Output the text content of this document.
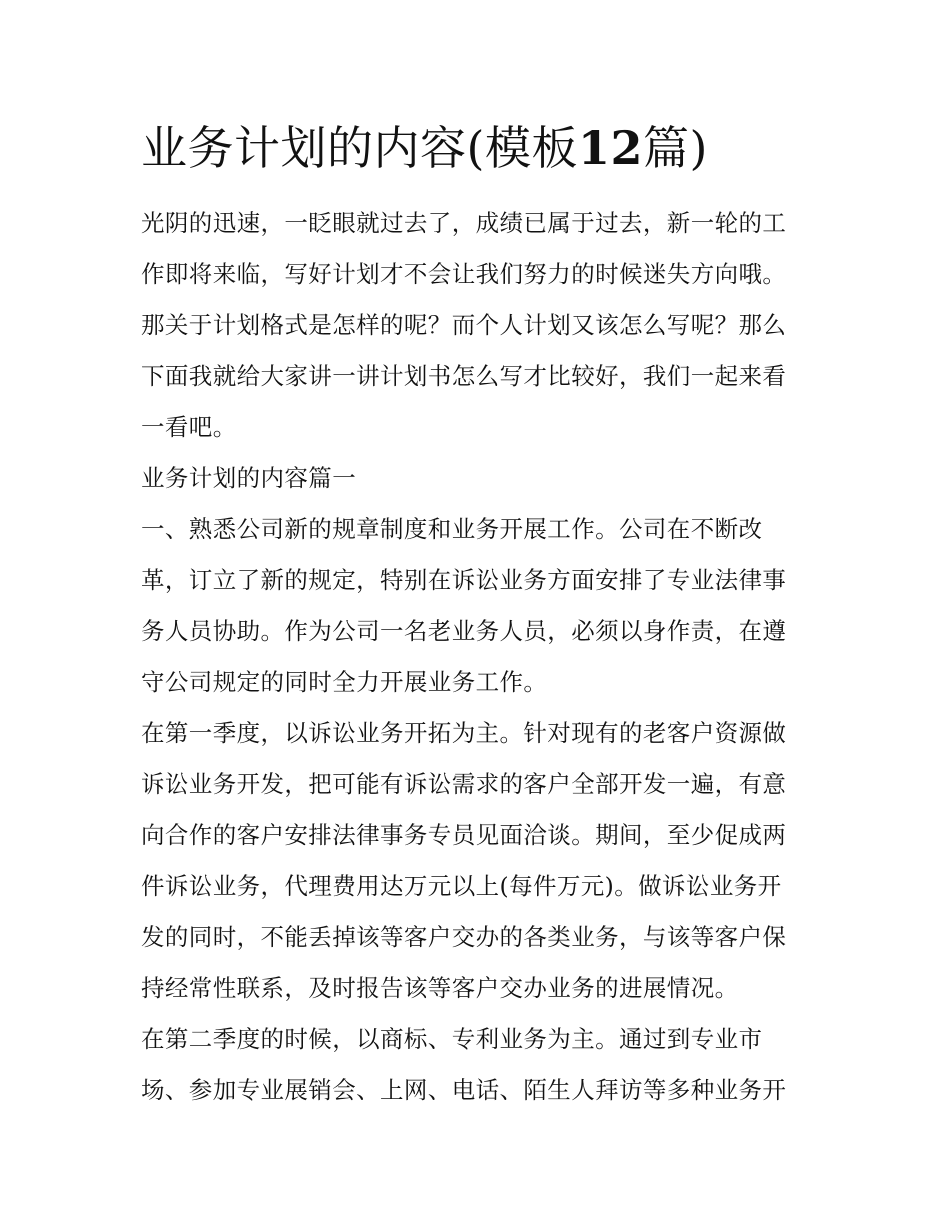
业务计划的内容(模板12篇)
光阴的迅速，一眨眼就过去了，成绩已属于过去，新一轮的工
作即将来临，写好计划才不会让我们努力的时候迷失方向哦。
那关于计划格式是怎样的呢？而个人计划又该怎么写呢？那么
下面我就给大家讲一讲计划书怎么写才比较好，我们一起来看
一看吧。
业务计划的内容篇一
一、熟悉公司新的规章制度和业务开展工作。公司在不断改
革，订立了新的规定，特别在诉讼业务方面安排了专业法律事
务人员协助。作为公司一名老业务人员，必须以身作责，在遵
守公司规定的同时全力开展业务工作。
在第一季度，以诉讼业务开拓为主。针对现有的老客户资源做
诉讼业务开发，把可能有诉讼需求的客户全部开发一遍，有意
向合作的客户安排法律事务专员见面洽谈。期间，至少促成两
件诉讼业务，代理费用达万元以上(每件万元)。做诉讼业务开
发的同时，不能丢掉该等客户交办的各类业务，与该等客户保
持经常性联系，及时报告该等客户交办业务的进展情况。
在第二季度的时候，以商标、专利业务为主。通过到专业市
场、参加专业展销会、上网、电话、陌生人拜访等多种业务开
